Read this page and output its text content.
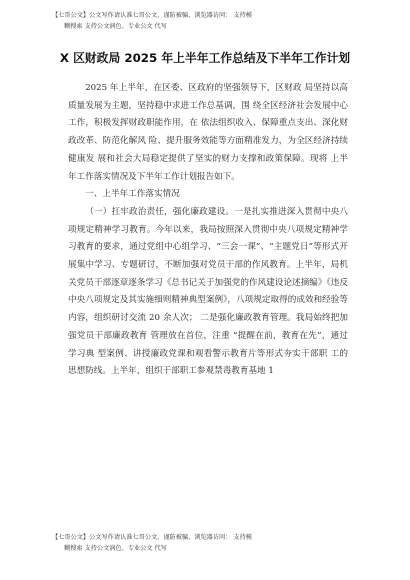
【七哥公文】公文写作请认准七哥公文、谨防被骗、浏览器访问： 支持模
糊搜索 支持公文润色、专业公文 代写
X 区财政局 2025 年上半年工作总结及下半年工作计划

2025 年上半年，在区委、区政府的坚强领导下，区财政 局坚持以高质量发展为主题，坚持稳中求进工作总基调，围 绕全区经济社会发展中心工作，积极发挥财政职能作用，在 依法组织收入、保障重点支出、深化财政改革、防范化解风 险、提升服务效能等方面精准发力，为全区经济持续健康发 展和社会大局稳定提供了坚实的财力支撑和政策保障。现将 上半年工作落实情况及下半年工作计划报告如下。

一、上半年工作落实情况

（一）扛牢政治责任，强化廉政建设。一是扎实推进深入贯彻中央八项规定精神学习教育。今年以来，我局按照深入贯彻中央八项规定精神学习教育的要求，通过党组中心组学习、“三会一课”、“主题党日”等形式开展集中学习、专题研讨，不断加强对党员干部的作风教育。上半年，局机关党员干部逐章逐条学习《总书记关于加强党的作风建设论述摘编》《违反中央八项规定及其实施细则精神典型案例》，八项规定取得的成效和经验等内容，组织研讨交流 20 余人次； 二是强化廉政教育管理。我局始终把加强党员干部廉政教育 管理放在首位，注重 “提醒在前，教育在先”，通过学习典 型案例、讲授廉政党课和观看警示教育片等形式夯实干部职 工的思想防线。上半年，组织干部职工参观禁毒教育基地 1

【七哥公文】公文写作请认准七哥公文、谨防被骗、浏览器访问： 支持模
糊搜索 支持公文润色、专业公文 代写
